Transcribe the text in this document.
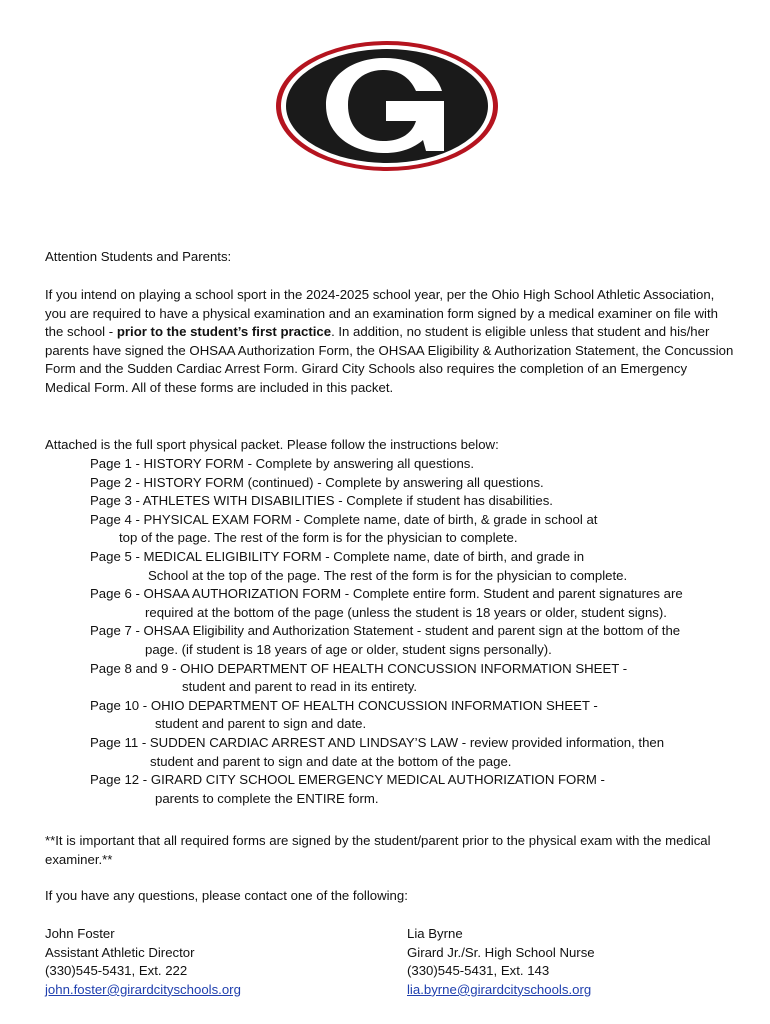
Attention Students and Parents:
If you intend on playing a school sport in the 2024-2025 school year, per the Ohio High School Athletic Association, you are required to have a physical examination and an examination form signed by a medical examiner on file with the school - prior to the student’s first practice. In addition, no student is eligible unless that student and his/her parents have signed the OHSAA Authorization Form, the OHSAA Eligibility & Authorization Statement, the Concussion Form and the Sudden Cardiac Arrest Form. Girard City Schools also requires the completion of an Emergency Medical Form. All of these forms are included in this packet.
Attached is the full sport physical packet. Please follow the instructions below:
Page 1 - HISTORY FORM - Complete by answering all questions.
Page 2 - HISTORY FORM (continued) - Complete by answering all questions.
Page 3 - ATHLETES WITH DISABILITIES - Complete if student has disabilities.
Page 4 - PHYSICAL EXAM FORM - Complete name, date of birth, & grade in school at
top of the page. The rest of the form is for the physician to complete.
Page 5 - MEDICAL ELIGIBILITY FORM - Complete name, date of birth, and grade in
School at the top of the page. The rest of the form is for the physician to complete.
Page 6 - OHSAA AUTHORIZATION FORM - Complete entire form. Student and parent signatures are
required at the bottom of the page (unless the student is 18 years or older, student signs).
Page 7 - OHSAA Eligibility and Authorization Statement - student and parent sign at the bottom of the
page. (if student is 18 years of age or older, student signs personally).
Page 8 and 9 - OHIO DEPARTMENT OF HEALTH CONCUSSION INFORMATION SHEET -
student and parent to read in its entirety.
Page 10 - OHIO DEPARTMENT OF HEALTH CONCUSSION INFORMATION SHEET -
student and parent to sign and date.
Page 11 - SUDDEN CARDIAC ARREST AND LINDSAY’S LAW - review provided information, then
student and parent to sign and date at the bottom of the page.
Page 12 - GIRARD CITY SCHOOL EMERGENCY MEDICAL AUTHORIZATION FORM -
parents to complete the ENTIRE form.
**It is important that all required forms are signed by the student/parent prior to the physical exam with the medical examiner.**
If you have any questions, please contact one of the following:
John Foster
Assistant Athletic Director
(330)545-5431, Ext. 222
john.foster@girardcityschools.org
Lia Byrne
Girard Jr./Sr. High School Nurse
(330)545-5431, Ext. 143
lia.byrne@girardcityschools.org
